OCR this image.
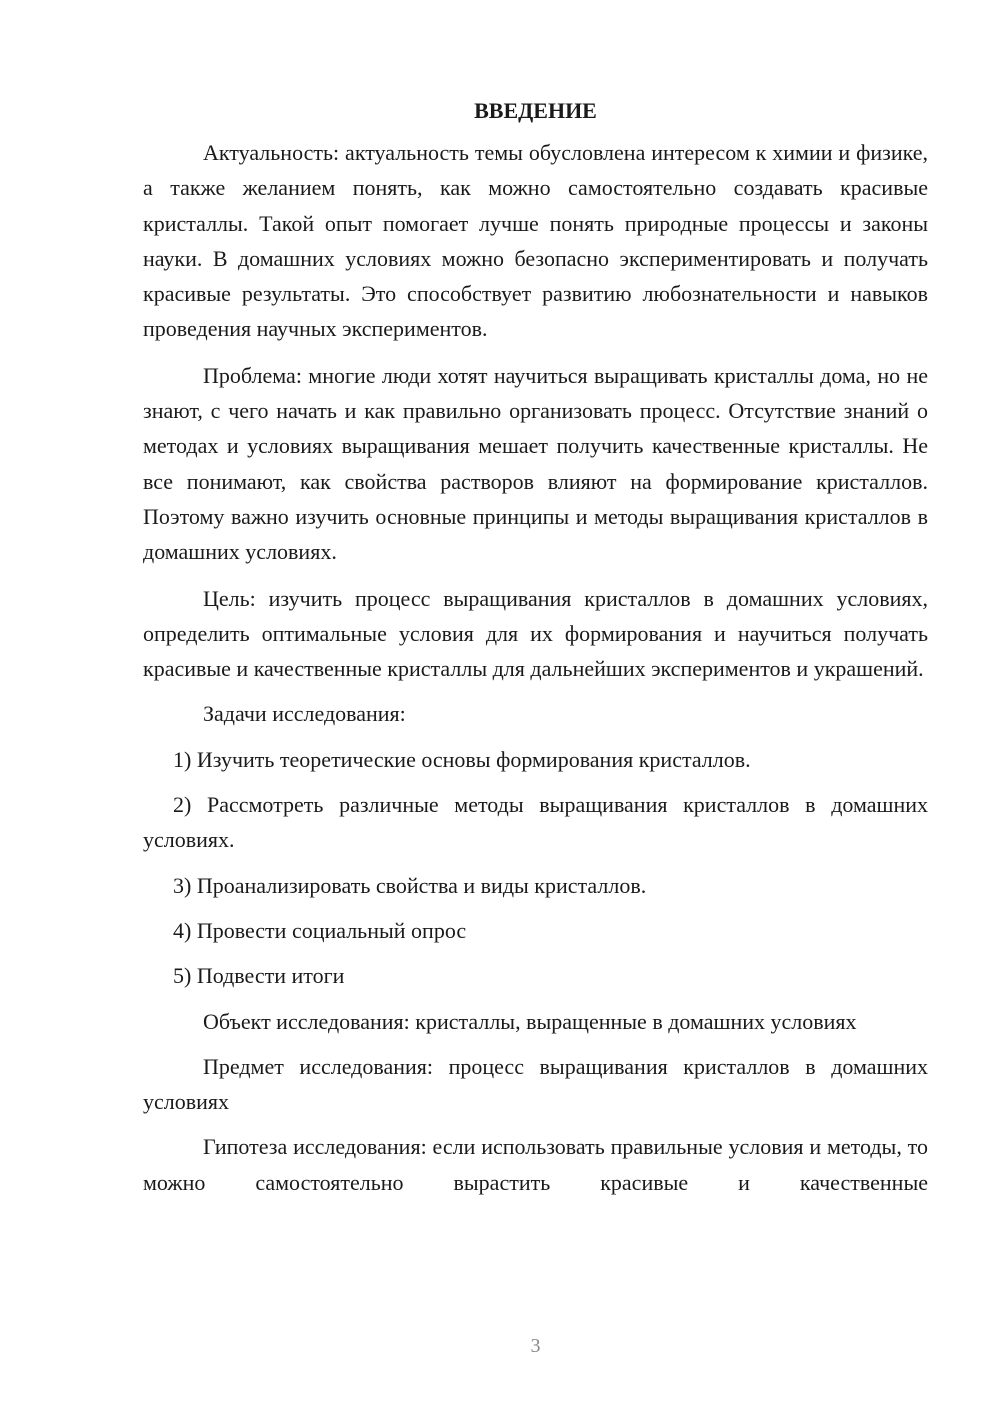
ВВЕДЕНИЕ

Актуальность: актуальность темы обусловлена интересом к химии и физике, а также желанием понять, как можно самостоятельно создавать красивые кристаллы. Такой опыт помогает лучше понять природные процессы и законы науки. В домашних условиях можно безопасно экспериментировать и получать красивые результаты. Это способствует развитию любознательности и навыков проведения научных экспериментов.

Проблема: многие люди хотят научиться выращивать кристаллы дома, но не знают, с чего начать и как правильно организовать процесс. Отсутствие знаний о методах и условиях выращивания мешает получить качественные кристаллы. Не все понимают, как свойства растворов влияют на формирование кристаллов. Поэтому важно изучить основные принципы и методы выращивания кристаллов в домашних условиях.

Цель: изучить процесс выращивания кристаллов в домашних условиях, определить оптимальные условия для их формирования и научиться получать красивые и качественные кристаллы для дальнейших экспериментов и украшений.

Задачи исследования:

1) Изучить теоретические основы формирования кристаллов.

2) Рассмотреть различные методы выращивания кристаллов в домашних условиях.

3) Проанализировать свойства и виды кристаллов.

4) Провести социальный опрос

5) Подвести итоги

Объект исследования: кристаллы, выращенные в домашних условиях

Предмет исследования: процесс выращивания кристаллов в домашних условиях

Гипотеза исследования: если использовать правильные условия и методы, то можно самостоятельно вырастить красивые и качественные

3
